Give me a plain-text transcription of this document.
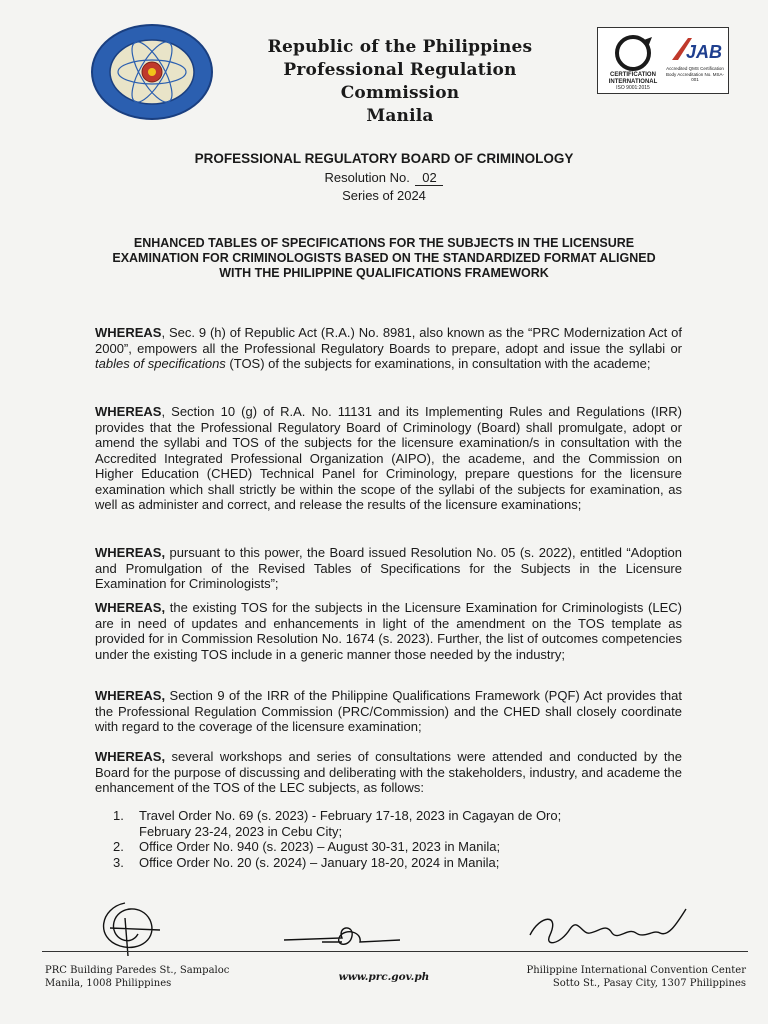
Republic of the Philippines
Professional Regulation Commission
Manila
CERTIFICATION INTERNATIONAL
ISO 9001:2015
JAB
Accredited QMS Certification Body Accreditation No. MSA-001
PROFESSIONAL REGULATORY BOARD OF CRIMINOLOGY
Resolution No. 02
Series of 2024
ENHANCED TABLES OF SPECIFICATIONS FOR THE SUBJECTS IN THE LICENSURE EXAMINATION FOR CRIMINOLOGISTS BASED ON THE STANDARDIZED FORMAT ALIGNED WITH THE PHILIPPINE QUALIFICATIONS FRAMEWORK
WHEREAS, Sec. 9 (h) of Republic Act (R.A.) No. 8981, also known as the “PRC Modernization Act of 2000”, empowers all the Professional Regulatory Boards to prepare, adopt and issue the syllabi or tables of specifications (TOS) of the subjects for examinations, in consultation with the academe;
WHEREAS, Section 10 (g) of R.A. No. 11131 and its Implementing Rules and Regulations (IRR) provides that the Professional Regulatory Board of Criminology (Board) shall promulgate, adopt or amend the syllabi and TOS of the subjects for the licensure examination/s in consultation with the Accredited Integrated Professional Organization (AIPO), the academe, and the Commission on Higher Education (CHED) Technical Panel for Criminology, prepare questions for the licensure examination which shall strictly be within the scope of the syllabi of the subjects for examination, as well as administer and correct, and release the results of the licensure examinations;
WHEREAS, pursuant to this power, the Board issued Resolution No. 05 (s. 2022), entitled “Adoption and Promulgation of the Revised Tables of Specifications for the Subjects in the Licensure Examination for Criminologists”;
WHEREAS, the existing TOS for the subjects in the Licensure Examination for Criminologists (LEC) are in need of updates and enhancements in light of the amendment on the TOS template as provided for in Commission Resolution No. 1674 (s. 2023). Further, the list of outcomes competencies under the existing TOS include in a generic manner those needed by the industry;
WHEREAS, Section 9 of the IRR of the Philippine Qualifications Framework (PQF) Act provides that the Professional Regulation Commission (PRC/Commission) and the CHED shall closely coordinate with regard to the coverage of the licensure examination;
WHEREAS, several workshops and series of consultations were attended and conducted by the Board for the purpose of discussing and deliberating with the stakeholders, industry, and academe the enhancement of the TOS of the LEC subjects, as follows:
1.	Travel Order No. 69 (s. 2023) - February 17-18, 2023 in Cagayan de Oro; February 23-24, 2023 in Cebu City;
2.	Office Order No. 940 (s. 2023) – August 30-31, 2023 in Manila;
3.	Office Order No. 20 (s. 2024) – January 18-20, 2024 in Manila;
PRC Building Paredes St., Sampaloc
Manila, 1008 Philippines
www.prc.gov.ph
Philippine International Convention Center
Sotto St., Pasay City, 1307 Philippines
